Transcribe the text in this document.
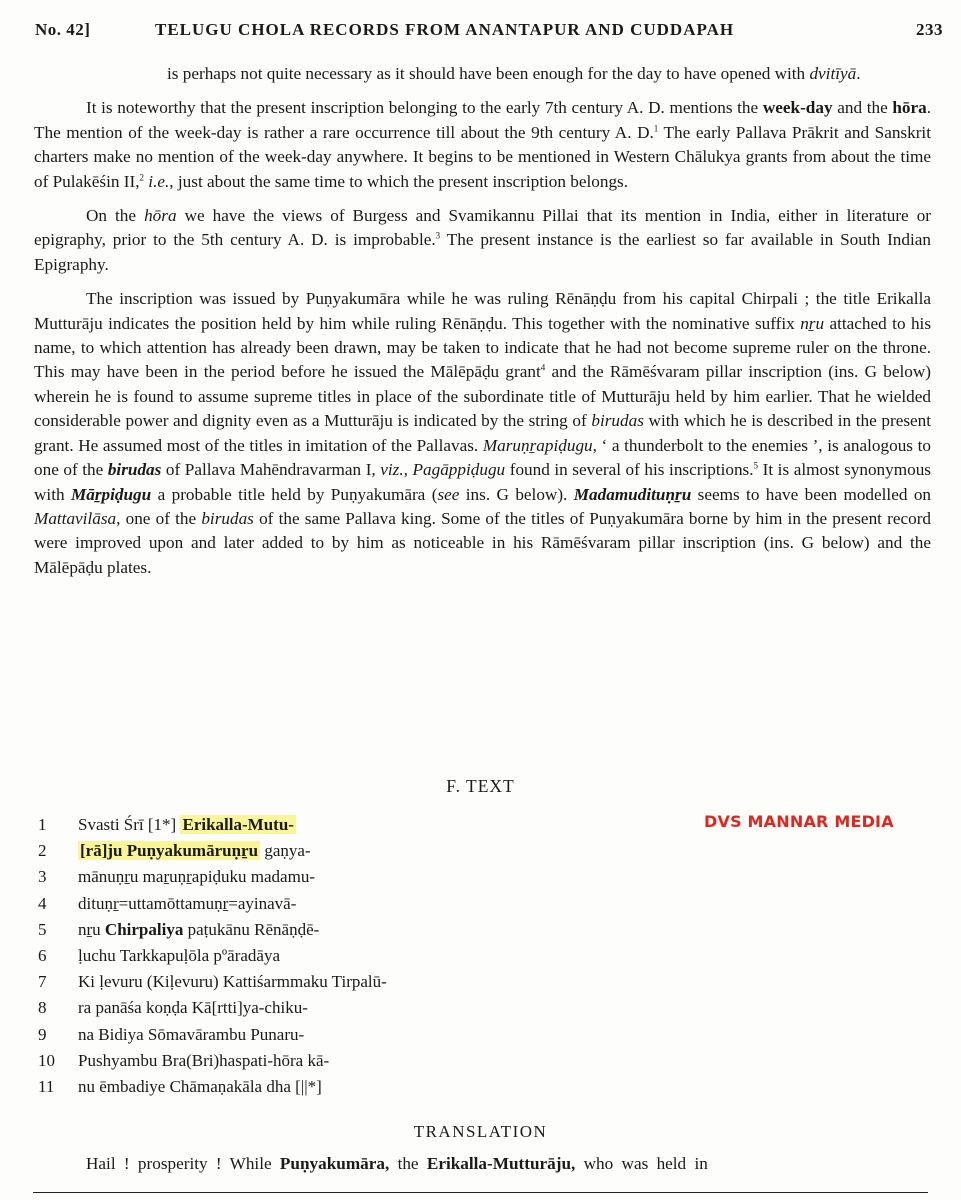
No. 42]	TELUGU CHOLA RECORDS FROM ANANTAPUR AND CUDDAPAH	233

is perhaps not quite necessary as it should have been enough for the day to have opened with dvitīyā.

It is noteworthy that the present inscription belonging to the early 7th century A. D. mentions the week-day and the hōra. The mention of the week-day is rather a rare occurrence till about the 9th century A. D.$^1$ The early Pallava Prākrit and Sanskrit charters make no mention of the week-day anywhere. It begins to be mentioned in Western Chālukya grants from about the time of Pulakēśin II,$^2$ i.e., just about the same time to which the present inscription belongs.

On the hōra we have the views of Burgess and Svamikannu Pillai that its mention in India, either in literature or epigraphy, prior to the 5th century A. D. is improbable.$^3$ The present instance is the earliest so far available in South Indian Epigraphy.

The inscription was issued by Puṇyakumāra while he was ruling Rēnāṇḍu from his capital Chirpali ; the title Erikalla Mutturāju indicates the position held by him while ruling Rēnāṇḍu. This together with the nominative suffix nṟu attached to his name, to which attention has already been drawn, may be taken to indicate that he had not become supreme ruler on the throne. This may have been in the period before he issued the Mālēpāḍu grant$^4$ and the Rāmēśvaram pillar inscription (ins. G below) wherein he is found to assume supreme titles in place of the subordinate title of Mutturāju held by him earlier. That he wielded considerable power and dignity even as a Mutturāju is indicated by the string of birudas with which he is described in the present grant. He assumed most of the titles in imitation of the Pallavas. Maruṇṟapiḍugu, ‘ a thunderbolt to the enemies ’, is analogous to one of the birudas of Pallava Mahēndravarman I, viz., Pagāppiḍugu found in several of his inscriptions.$^5$ It is almost synonymous with Māṟpiḍugu a probable title held by Puṇyakumāra (see ins. G below). Madamudituṇṟu seems to have been modelled on Mattavilāsa, one of the birudas of the same Pallava king. Some of the titles of Puṇyakumāra borne by him in the present record were improved upon and later added to by him as noticeable in his Rāmēśvaram pillar inscription (ins. G below) and the Mālēpāḍu plates.

F. TEXT
DVS MANNAR MEDIA
1 Svasti Śrī [1*] Erikalla-Mutu-
2 [rā]ju Puṇyakumāruṇṟu gaṇya-
3 mānuṇṟu maṟuṇṟapiḍuku madamu-
4 dituṇṟ=uttamōttamuṇṟ=ayinavā-
5 nṟu Chirpaliya paṭukānu Rēnāṇḍē-
6 ḷuchu Tarkkapuḷōla pºāradāya
7 Ki ḷevuru (Kiḷevuru) Kattiśarmmaku Tirpalū-
8 ra panāśa koṇḍa Kā[rtti]ya-chiku-
9 na Bidiya Sōmavārambu Punaru-
10 Pushyambu Bra(Bri)haspati-hōra kā-
11 nu ēmbadiye Chāmaṇakāla dha [||*]
TRANSLATION
Hail ! prosperity ! While Puṇyakumāra, the Erikalla-Mutturāju, who was held in
